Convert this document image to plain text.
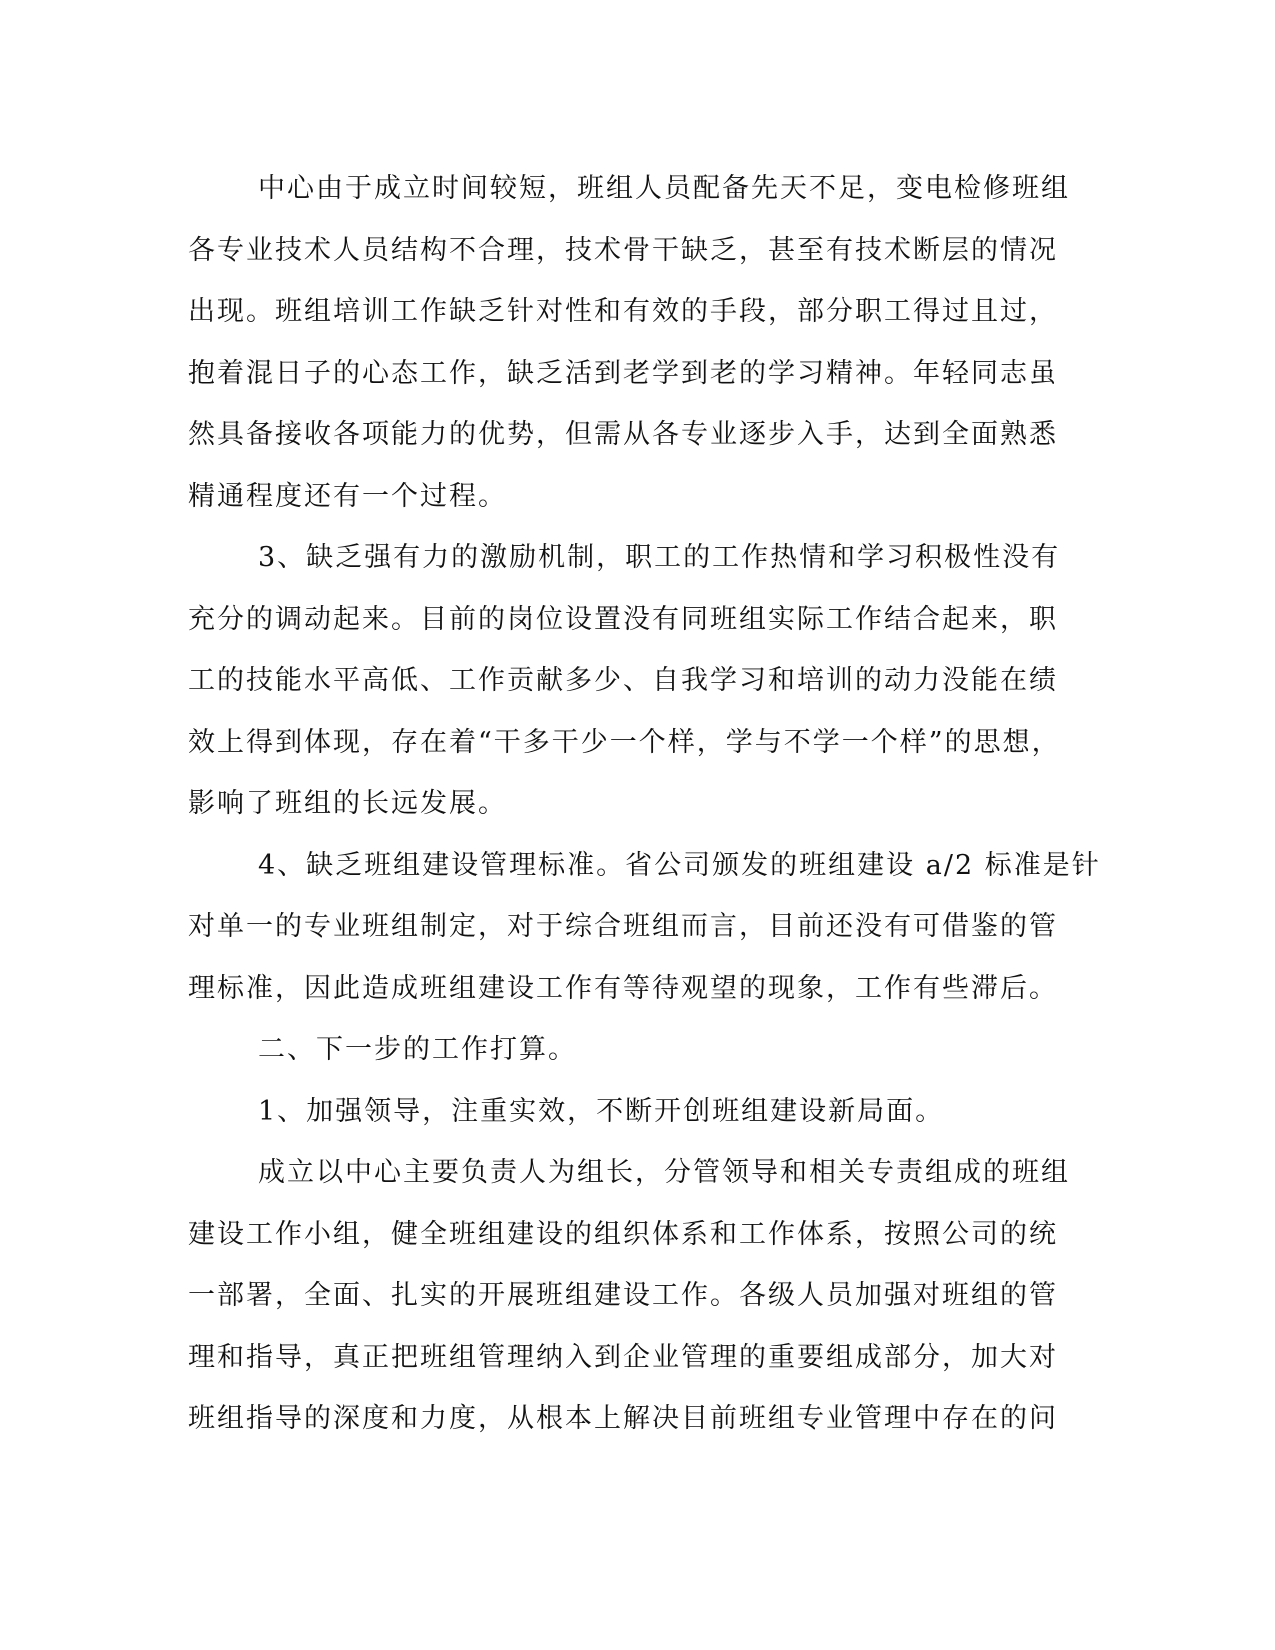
中心由于成立时间较短，班组人员配备先天不足，变电检修班组
各专业技术人员结构不合理，技术骨干缺乏，甚至有技术断层的情况
出现。班组培训工作缺乏针对性和有效的手段，部分职工得过且过，
抱着混日子的心态工作，缺乏活到老学到老的学习精神。年轻同志虽
然具备接收各项能力的优势，但需从各专业逐步入手，达到全面熟悉
精通程度还有一个过程。
3、缺乏强有力的激励机制，职工的工作热情和学习积极性没有
充分的调动起来。目前的岗位设置没有同班组实际工作结合起来，职
工的技能水平高低、工作贡献多少、自我学习和培训的动力没能在绩
效上得到体现，存在着“干多干少一个样，学与不学一个样”的思想，
影响了班组的长远发展。
4、缺乏班组建设管理标准。省公司颁发的班组建设 a/2 标准是针
对单一的专业班组制定，对于综合班组而言，目前还没有可借鉴的管
理标准，因此造成班组建设工作有等待观望的现象，工作有些滞后。
二、下一步的工作打算。
1、加强领导，注重实效，不断开创班组建设新局面。
成立以中心主要负责人为组长，分管领导和相关专责组成的班组
建设工作小组，健全班组建设的组织体系和工作体系，按照公司的统
一部署，全面、扎实的开展班组建设工作。各级人员加强对班组的管
理和指导，真正把班组管理纳入到企业管理的重要组成部分，加大对
班组指导的深度和力度，从根本上解决目前班组专业管理中存在的问
